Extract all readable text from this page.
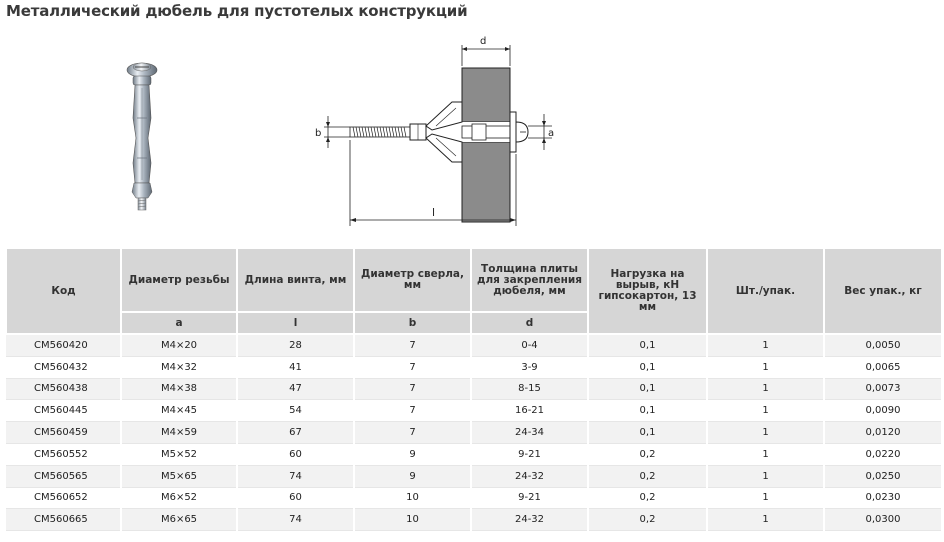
Металлический дюбель для пустотелых конструкций
d
b	a
l
Код	Диаметр резьбы	Длина винта, мм	Диаметр сверла, мм	Толщина плиты для закрепления дюбеля, мм	Нагрузка на вырыв, кН гипсокартон, 13 мм	Шт./упак.	Вес упак., кг
	a	l	b	d			
CM560420	M4×20	28	7	0-4	0,1	1	0,0050
CM560432	M4×32	41	7	3-9	0,1	1	0,0065
CM560438	M4×38	47	7	8-15	0,1	1	0,0073
CM560445	M4×45	54	7	16-21	0,1	1	0,0090
CM560459	M4×59	67	7	24-34	0,1	1	0,0120
CM560552	M5×52	60	9	9-21	0,2	1	0,0220
CM560565	M5×65	74	9	24-32	0,2	1	0,0250
CM560652	M6×52	60	10	9-21	0,2	1	0,0230
CM560665	M6×65	74	10	24-32	0,2	1	0,0300
